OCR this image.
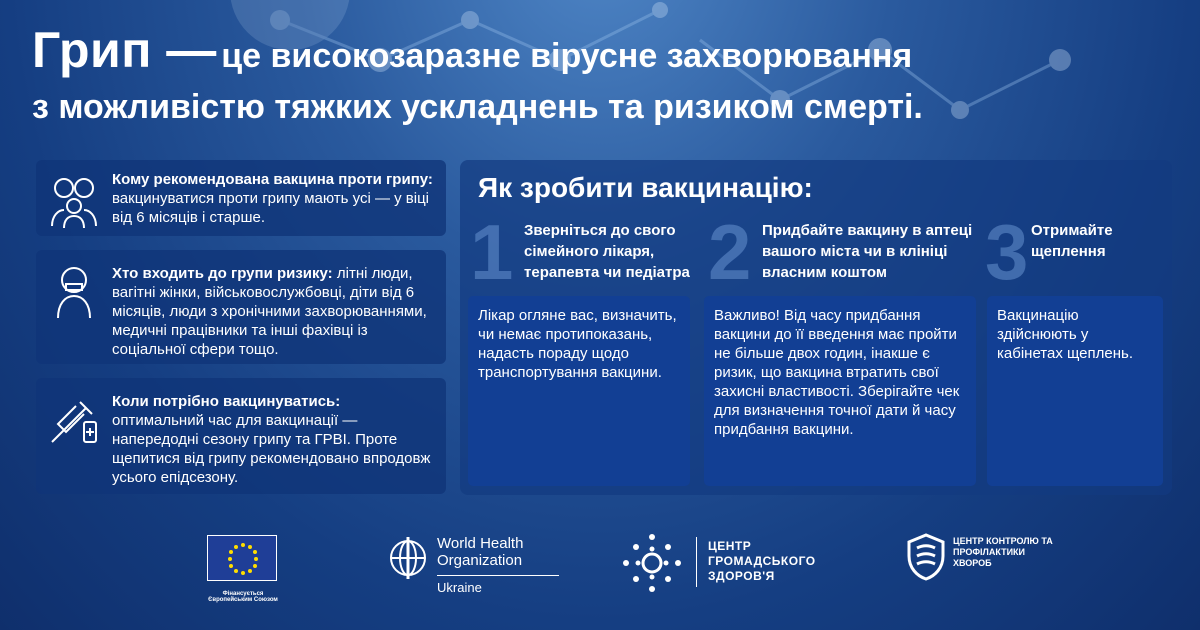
Грип — це високозаразне вірусне захворювання
з можливістю тяжких ускладнень та ризиком смерті.
Кому рекомендована вакцина проти грипу: вакцинуватися проти грипу мають усі — у віці від 6 місяців і старше.
Хто входить до групи ризику: літні люди, вагітні жінки, військовослужбовці, діти від 6 місяців, люди з хронічними захворюваннями, медичні працівники та інші фахівці із соціальної сфери тощо.
Коли потрібно вакцинуватись: оптимальний час для вакцинації — напередодні сезону грипу та ГРВІ. Проте щепитися від грипу рекомендовано впродовж усього епідсезону.
Як зробити вакцинацію:
1 Зверніться до свого сімейного лікаря, терапевта чи педіатра 2 Придбайте вакцину в аптеці вашого міста чи в клініці власним коштом	3 Отримайте щеплення
Лікар огляне вас, визначить, чи немає протипоказань, надасть пораду щодо транспортування вакцини.
Важливо! Від часу придбання вакцини до її введення має пройти не більше двох годин, інакше є ризик, що вакцина втратить свої захисні властивості. Зберігайте чек для визначення точної дати й часу придбання вакцини.
Вакцинацію здійснюють у кабінетах щеплень.
Фінансується Європейським Союзом
World Health Organization
Ukraine
ЦЕНТР ГРОМАДСЬКОГО ЗДОРОВ'Я
ЦЕНТР КОНТРОЛЮ ТА ПРОФІЛАКТИКИ ХВОРОБ
